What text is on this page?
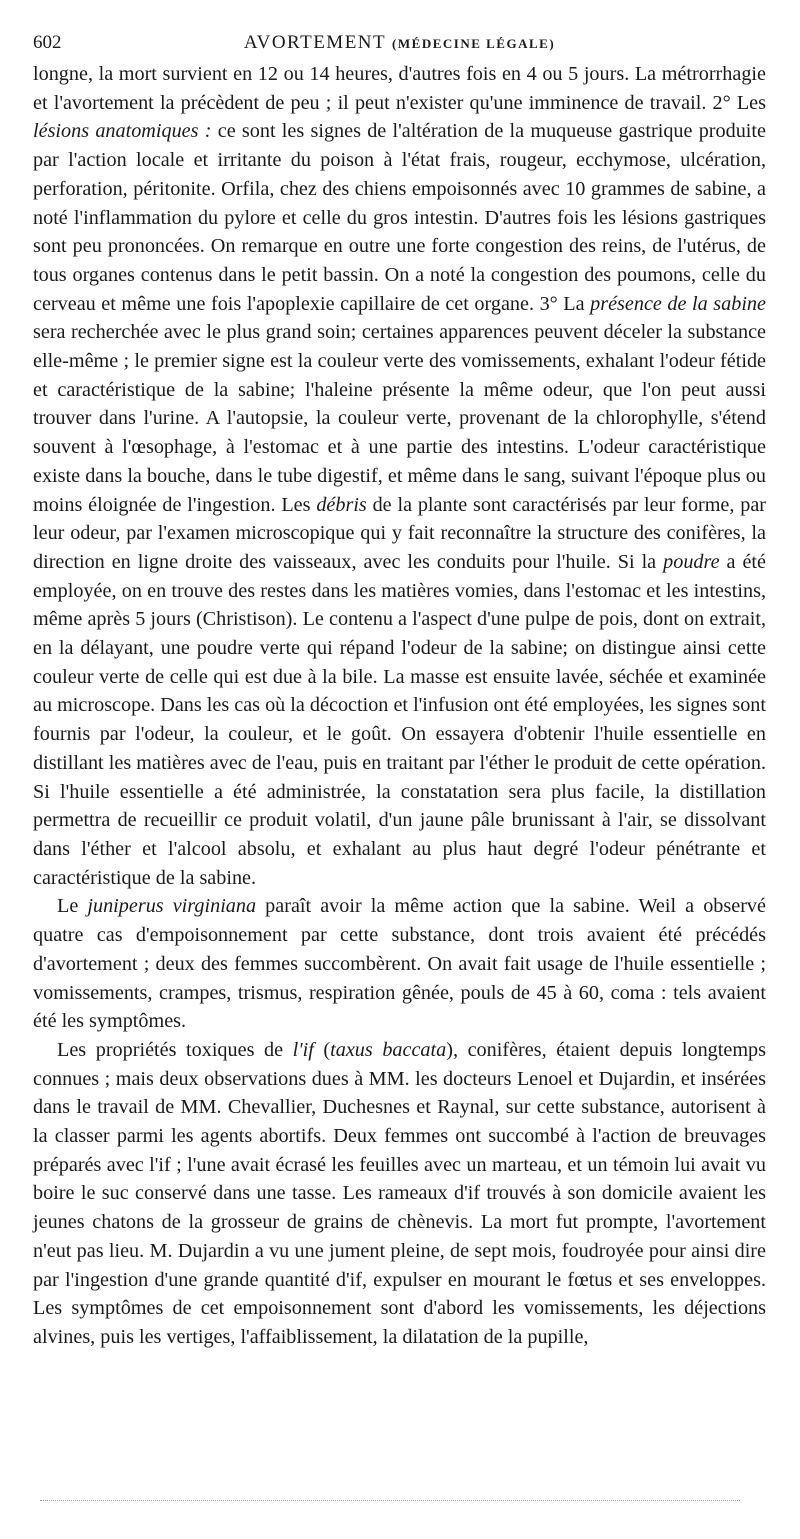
602	AVORTEMENT (MÉDECINE LÉGALE)

longne, la mort survient en 12 ou 14 heures, d'autres fois en 4 ou 5 jours. La métrorrhagie et l'avortement la précèdent de peu ; il peut n'exister qu'une imminence de travail. 2° Les lésions anatomiques : ce sont les signes de l'altération de la muqueuse gastrique produite par l'action locale et irritante du poison à l'état frais, rougeur, ecchymose, ulcération, perforation, péritonite. Orfila, chez des chiens empoisonnés avec 10 grammes de sabine, a noté l'inflammation du pylore et celle du gros intestin. D'autres fois les lésions gastriques sont peu prononcées. On remarque en outre une forte congestion des reins, de l'utérus, de tous organes contenus dans le petit bassin. On a noté la congestion des poumons, celle du cerveau et même une fois l'apoplexie capillaire de cet organe. 3° La présence de la sabine sera recherchée avec le plus grand soin; certaines apparences peuvent déceler la substance elle-même ; le premier signe est la couleur verte des vomissements, exhalant l'odeur fétide et caractéristique de la sabine; l'haleine présente la même odeur, que l'on peut aussi trouver dans l'urine. A l'autopsie, la couleur verte, provenant de la chlorophylle, s'étend souvent à l'œsophage, à l'estomac et à une partie des intestins. L'odeur caractéristique existe dans la bouche, dans le tube digestif, et même dans le sang, suivant l'époque plus ou moins éloignée de l'ingestion. Les débris de la plante sont caractérisés par leur forme, par leur odeur, par l'examen microscopique qui y fait reconnaître la structure des conifères, la direction en ligne droite des vaisseaux, avec les conduits pour l'huile. Si la poudre a été employée, on en trouve des restes dans les matières vomies, dans l'estomac et les intestins, même après 5 jours (Christison). Le contenu a l'aspect d'une pulpe de pois, dont on extrait, en la délayant, une poudre verte qui répand l'odeur de la sabine; on distingue ainsi cette couleur verte de celle qui est due à la bile. La masse est ensuite lavée, séchée et examinée au microscope. Dans les cas où la décoction et l'infusion ont été employées, les signes sont fournis par l'odeur, la couleur, et le goût. On essayera d'obtenir l'huile essentielle en distillant les matières avec de l'eau, puis en traitant par l'éther le produit de cette opération. Si l'huile essentielle a été administrée, la constatation sera plus facile, la distillation permettra de recueillir ce produit volatil, d'un jaune pâle brunissant à l'air, se dissolvant dans l'éther et l'alcool absolu, et exhalant au plus haut degré l'odeur pénétrante et caractéristique de la sabine.

Le juniperus virginiana paraît avoir la même action que la sabine. Weil a observé quatre cas d'empoisonnement par cette substance, dont trois avaient été précédés d'avortement ; deux des femmes succombèrent. On avait fait usage de l'huile essentielle ; vomissements, crampes, trismus, respiration gênée, pouls de 45 à 60, coma : tels avaient été les symptômes.

Les propriétés toxiques de l'if (taxus baccata), conifères, étaient depuis longtemps connues ; mais deux observations dues à MM. les docteurs Lenoel et Dujardin, et insérées dans le travail de MM. Chevallier, Duchesnes et Raynal, sur cette substance, autorisent à la classer parmi les agents abortifs. Deux femmes ont succombé à l'action de breuvages préparés avec l'if ; l'une avait écrasé les feuilles avec un marteau, et un témoin lui avait vu boire le suc conservé dans une tasse. Les rameaux d'if trouvés à son domicile avaient les jeunes chatons de la grosseur de grains de chènevis. La mort fut prompte, l'avortement n'eut pas lieu. M. Dujardin a vu une jument pleine, de sept mois, foudroyée pour ainsi dire par l'ingestion d'une grande quantité d'if, expulser en mourant le fœtus et ses enveloppes. Les symptômes de cet empoisonnement sont d'abord les vomissements, les déjections alvines, puis les vertiges, l'affaiblissement, la dilatation de la pupille,
